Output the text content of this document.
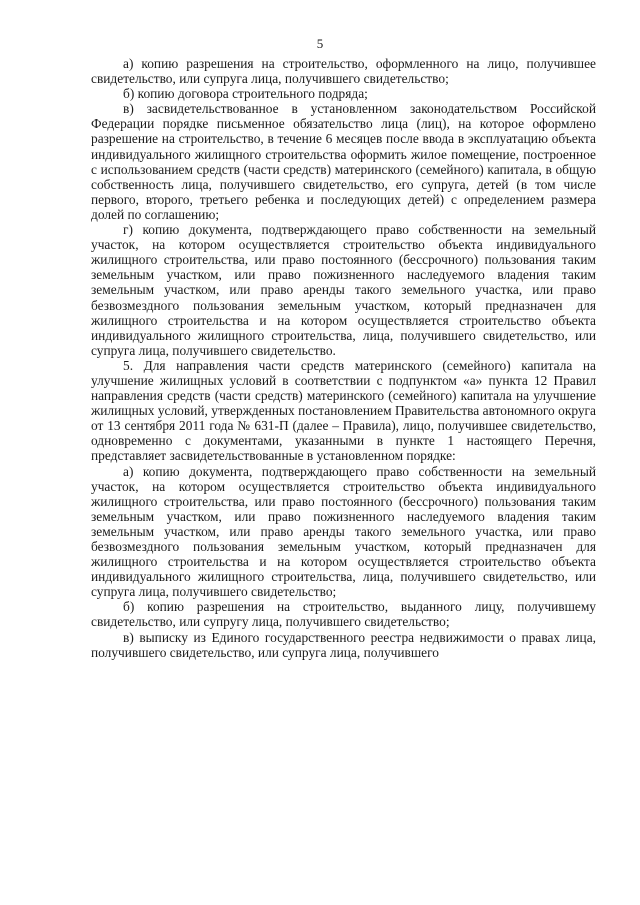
5

а) копию разрешения на строительство, оформленного на лицо, получившее свидетельство, или супруга лица, получившего свидетельство;

б) копию договора строительного подряда;

в) засвидетельствованное в установленном законодательством Российской Федерации порядке письменное обязательство лица (лиц), на которое оформлено разрешение на строительство, в течение 6 месяцев после ввода в эксплуатацию объекта индивидуального жилищного строительства оформить жилое помещение, построенное с использованием средств (части средств) материнского (семейного) капитала, в общую собственность лица, получившего свидетельство, его супруга, детей (в том числе первого, второго, третьего ребенка и последующих детей) с определением размера долей по соглашению;

г) копию документа, подтверждающего право собственности на земельный участок, на котором осуществляется строительство объекта индивидуального жилищного строительства, или право постоянного (бессрочного) пользования таким земельным участком, или право пожизненного наследуемого владения таким земельным участком, или право аренды такого земельного участка, или право безвозмездного пользования земельным участком, который предназначен для жилищного строительства и на котором осуществляется строительство объекта индивидуального жилищного строительства, лица, получившего свидетельство, или супруга лица, получившего свидетельство.

5. Для направления части средств материнского (семейного) капитала на улучшение жилищных условий в соответствии с подпунктом «а» пункта 12 Правил направления средств (части средств) материнского (семейного) капитала на улучшение жилищных условий, утвержденных постановлением Правительства автономного округа от 13 сентября 2011 года № 631-П (далее – Правила), лицо, получившее свидетельство, одновременно с документами, указанными в пункте 1 настоящего Перечня, представляет засвидетельствованные в установленном порядке:

а) копию документа, подтверждающего право собственности на земельный участок, на котором осуществляется строительство объекта индивидуального жилищного строительства, или право постоянного (бессрочного) пользования таким земельным участком, или право пожизненного наследуемого владения таким земельным участком, или право аренды такого земельного участка, или право безвозмездного пользования земельным участком, который предназначен для жилищного строительства и на котором осуществляется строительство объекта индивидуального жилищного строительства, лица, получившего свидетельство, или супруга лица, получившего свидетельство;

б) копию разрешения на строительство, выданного лицу, получившему свидетельство, или супругу лица, получившего свидетельство;

в) выписку из Единого государственного реестра недвижимости о правах лица, получившего свидетельство, или супруга лица, получившего
